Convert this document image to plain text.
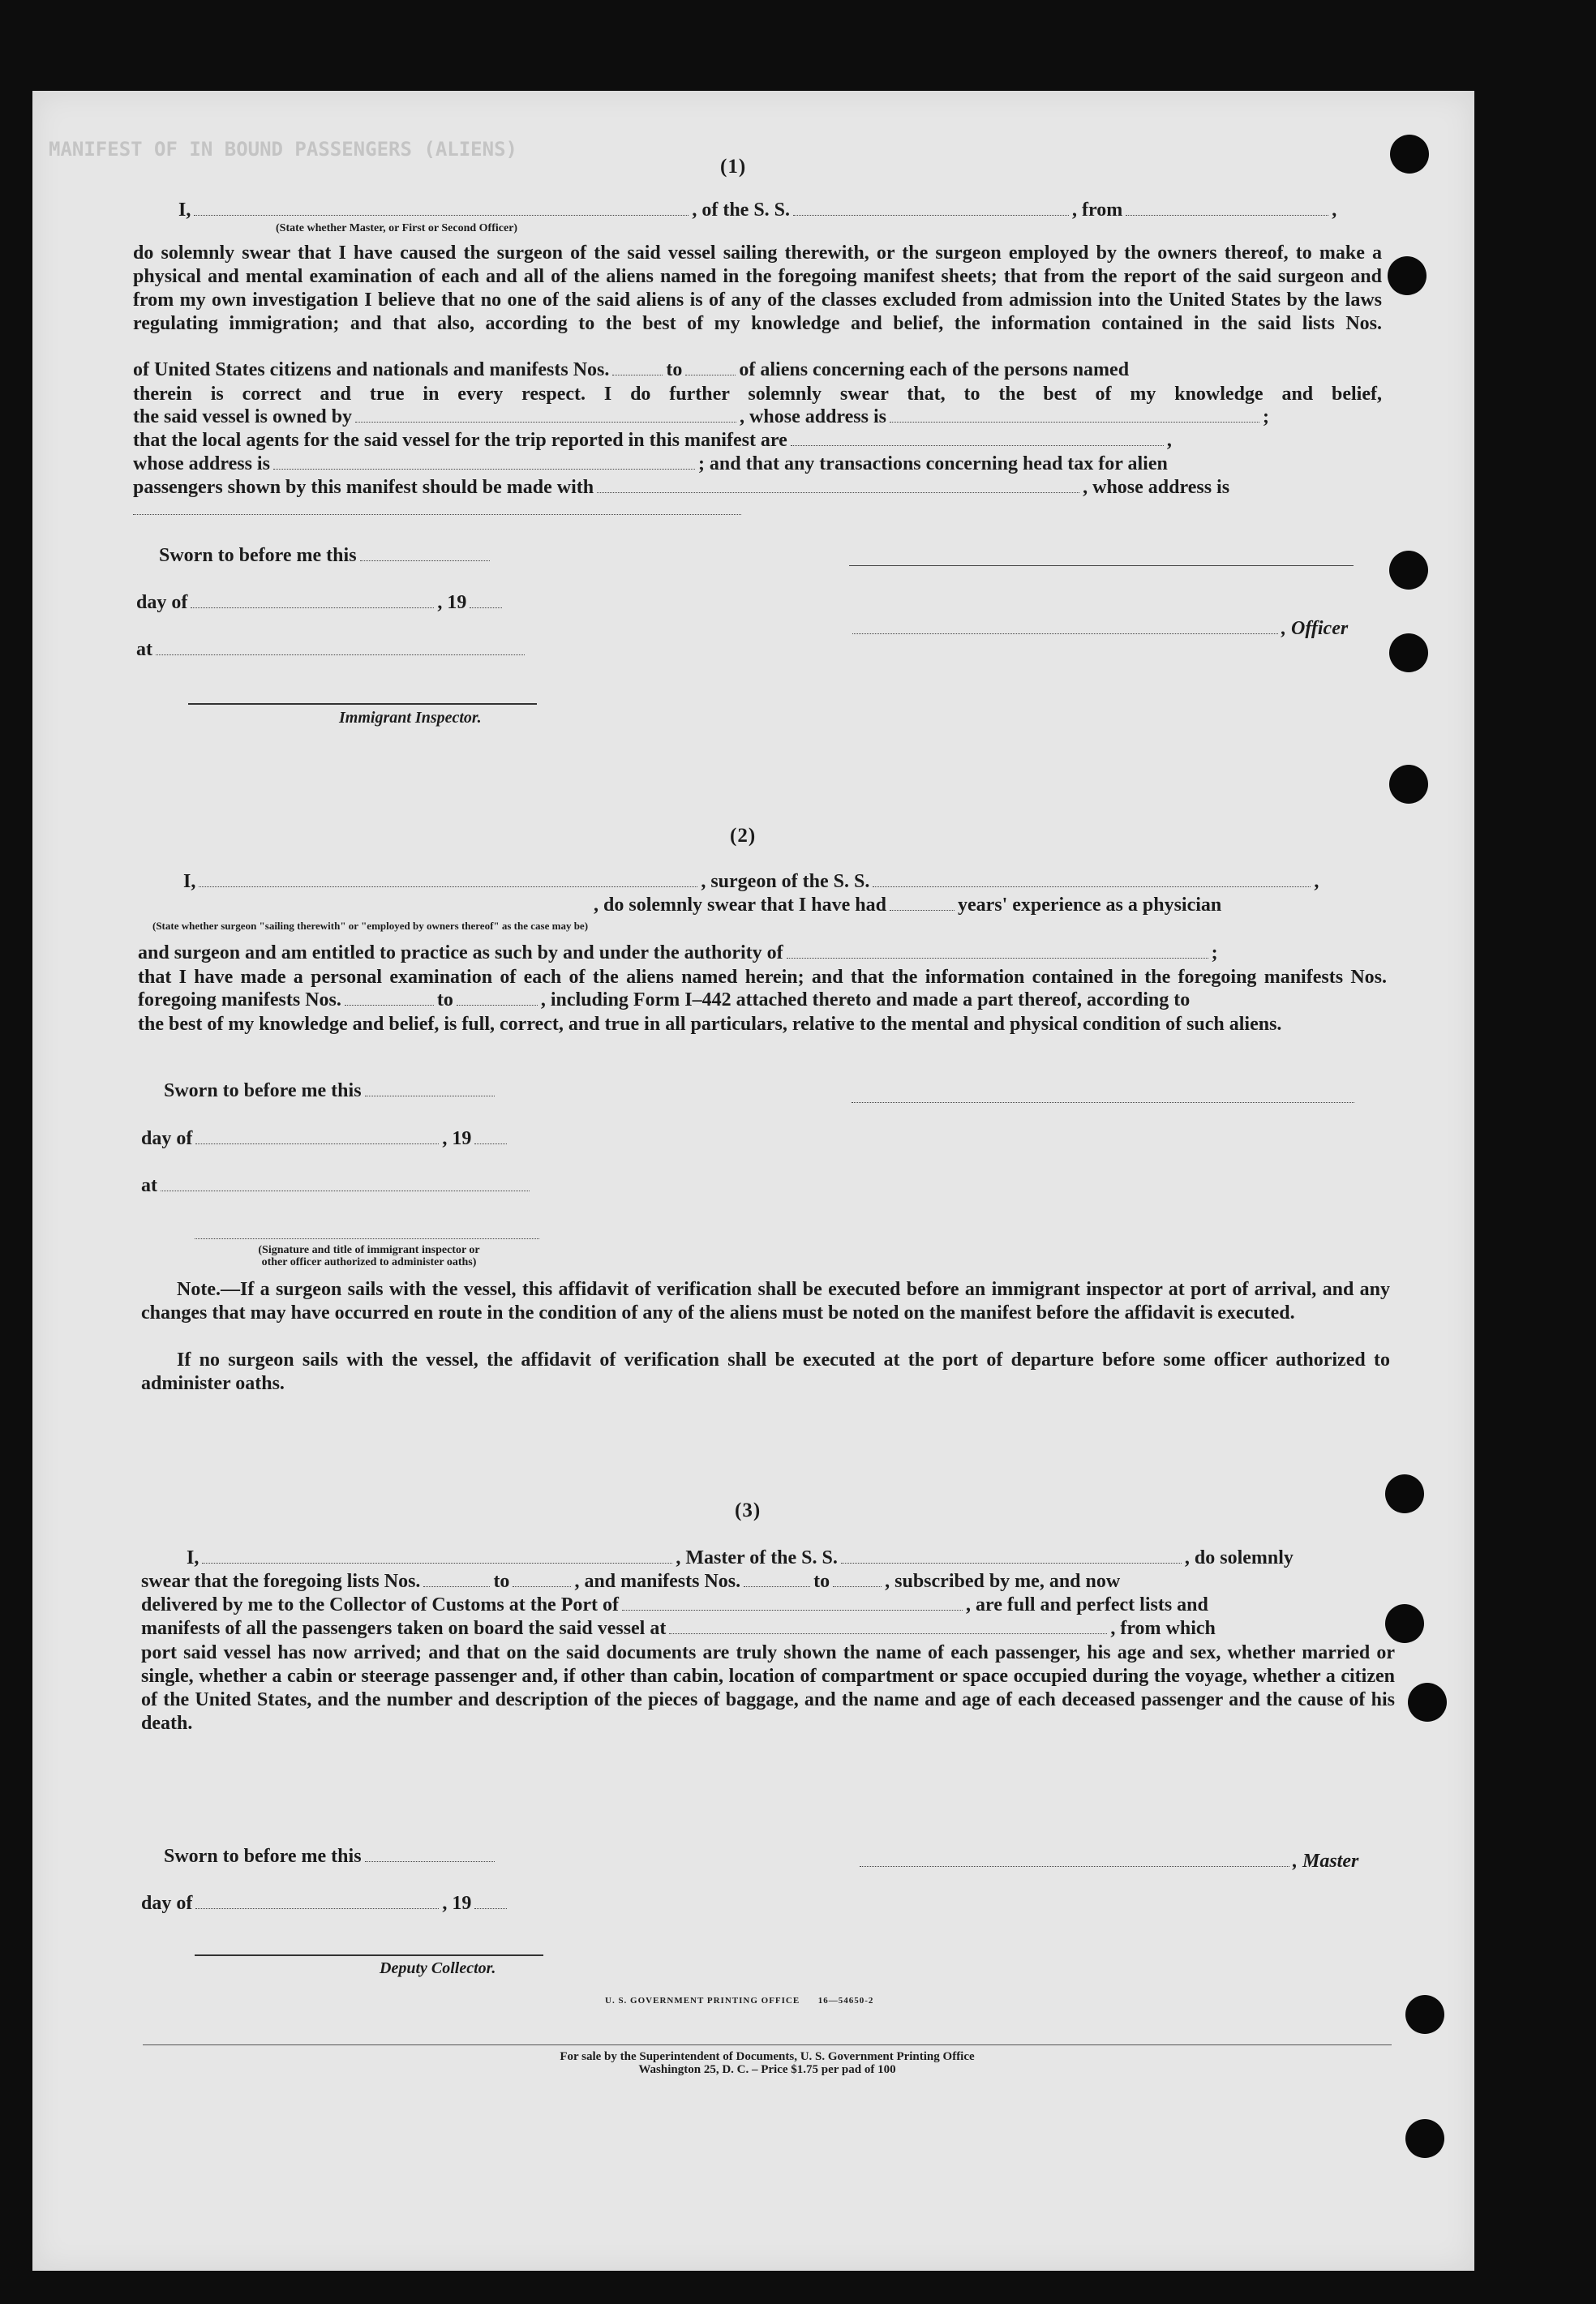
MANIFEST OF IN BOUND PASSENGERS (ALIENS)
(1)
I,	, of the S. S.	, from	,
(State whether Master, or First or Second Officer)
do solemnly swear that I have caused the surgeon of the said vessel sailing therewith, or the surgeon employed by the owners thereof, to make a physical and mental examination of each and all of the aliens named in the foregoing manifest sheets; that from the report of the said surgeon and from my own investigation I believe that no one of the said aliens is of any of the classes excluded from admission into the United States by the laws regulating immigration; and that also, according to the best of my knowledge and belief, the information contained in the said lists Nos.
of United States citizens and nationals and manifests Nos.	to	of aliens concerning each of the persons named
therein is correct and true in every respect. I do further solemnly swear that, to the best of my knowledge and belief,
the said vessel is owned by	, whose address is	;
that the local agents for the said vessel for the trip reported in this manifest are	,
whose address is	; and that any transactions concerning head tax for alien
passengers shown by this manifest should be made with	, whose address is
Sworn to before me this
day of	, 19
, Officer
at
Immigrant Inspector.
(2)
I,	, surgeon of the S. S.	,
, do solemnly swear that I have had	years' experience as a physician
(State whether surgeon "sailing therewith" or "employed by owners thereof" as the case may be)
and surgeon and am entitled to practice as such by and under the authority of	;
that I have made a personal examination of each of the aliens named herein; and that the information contained in the foregoing manifests Nos.
foregoing manifests Nos.	to	, including Form I–442 attached thereto and made a part thereof, according to
the best of my knowledge and belief, is full, correct, and true in all particulars, relative to the mental and physical condition of such aliens.
Sworn to before me this
day of	, 19
at
(Signature and title of immigrant inspector or
other officer authorized to administer oaths)
Note.—If a surgeon sails with the vessel, this affidavit of verification shall be executed before an immigrant inspector at port of arrival, and any changes that may have occurred en route in the condition of any of the aliens must be noted on the manifest before the affidavit is executed.
If no surgeon sails with the vessel, the affidavit of verification shall be executed at the port of departure before some officer authorized to administer oaths.
(3)
I,	, Master of the S. S.	, do solemnly
swear that the foregoing lists Nos.	to	, and manifests Nos.	to	, subscribed by me, and now
delivered by me to the Collector of Customs at the Port of	, are full and perfect lists and
manifests of all the passengers taken on board the said vessel at	, from which
port said vessel has now arrived; and that on the said documents are truly shown the name of each passenger, his age and sex, whether married or single, whether a cabin or steerage passenger and, if other than cabin, location of compartment or space occupied during the voyage, whether a citizen of the United States, and the number and description of the pieces of baggage, and the name and age of each deceased passenger and the cause of his death.
Sworn to before me this	, Master
day of	, 19
Deputy Collector.
U. S. GOVERNMENT PRINTING OFFICE      16—54650-2
For sale by the Superintendent of Documents, U. S. Government Printing Office
Washington 25, D. C. – Price $1.75 per pad of 100
